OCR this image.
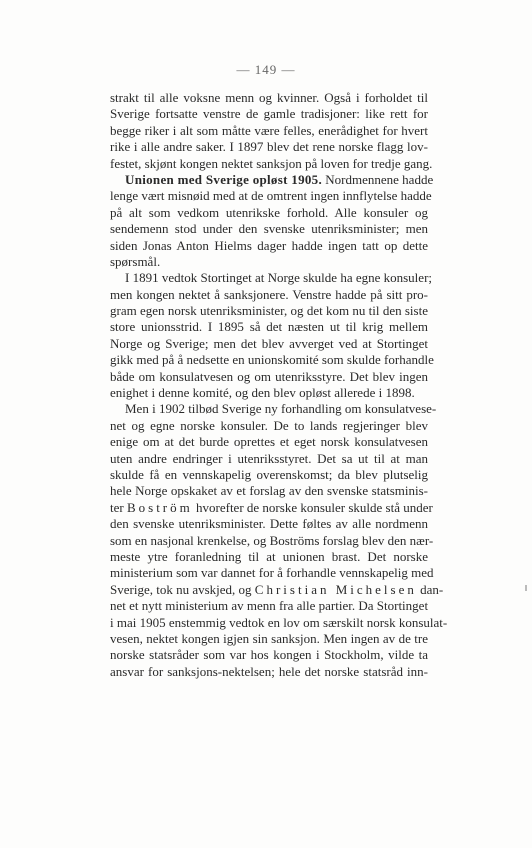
— 149 —
strakt til alle voksne menn og kvinner. Også i forholdet til
Sverige fortsatte venstre de gamle tradisjoner: like rett for
begge riker i alt som måtte være felles, enerådighet for hvert
rike i alle andre saker. I 1897 blev det rene norske flagg lov-
festet, skjønt kongen nektet sanksjon på loven for tredje gang.
Unionen med Sverige opløst 1905. Nordmennene hadde
lenge vært misnøid med at de omtrent ingen innflytelse hadde
på alt som vedkom utenrikske forhold. Alle konsuler og
sendemenn stod under den svenske utenriksminister; men
siden Jonas Anton Hielms dager hadde ingen tatt op dette
spørsmål.
I 1891 vedtok Stortinget at Norge skulde ha egne konsuler;
men kongen nektet å sanksjonere. Venstre hadde på sitt pro-
gram egen norsk utenriksminister, og det kom nu til den siste
store unionsstrid. I 1895 så det næsten ut til krig mellem
Norge og Sverige; men det blev avverget ved at Stortinget
gikk med på å nedsette en unionskomité som skulde forhandle
både om konsulatvesen og om utenriksstyre. Det blev ingen
enighet i denne komité, og den blev opløst allerede i 1898.
Men i 1902 tilbød Sverige ny forhandling om konsulatvese-
net og egne norske konsuler. De to lands regjeringer blev
enige om at det burde oprettes et eget norsk konsulatvesen
uten andre endringer i utenriksstyret. Det sa ut til at man
skulde få en vennskapelig overenskomst; da blev plutselig
hele Norge opskaket av et forslag av den svenske statsminis-
ter Boström hvorefter de norske konsuler skulde stå under
den svenske utenriksminister. Dette føltes av alle nordmenn
som en nasjonal krenkelse, og Boströms forslag blev den nær-
meste ytre foranledning til at unionen brast. Det norske
ministerium som var dannet for å forhandle vennskapelig med
Sverige, tok nu avskjed, og Christian Michelsen dan-
net et nytt ministerium av menn fra alle partier. Da Stortinget
i mai 1905 enstemmig vedtok en lov om særskilt norsk konsulat-
vesen, nektet kongen igjen sin sanksjon. Men ingen av de tre
norske statsråder som var hos kongen i Stockholm, vilde ta
ansvar for sanksjons-nektelsen; hele det norske statsråd inn-
